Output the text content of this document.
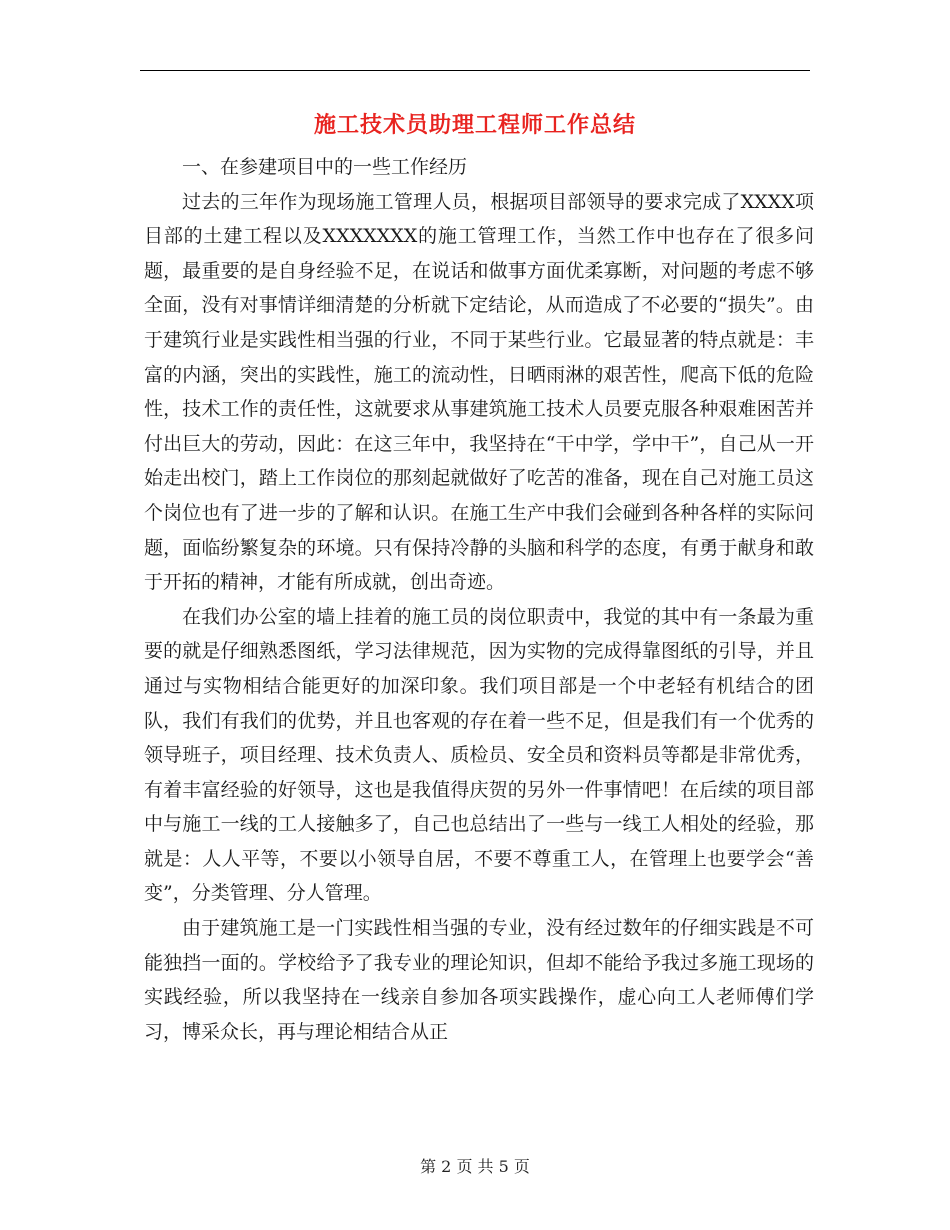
施工技术员助理工程师工作总结
一、在参建项目中的一些工作经历
过去的三年作为现场施工管理人员，根据项目部领导的要求完成了XXXX项目部的土建工程以及XXXXXXX的施工管理工作，当然工作中也存在了很多问题，最重要的是自身经验不足，在说话和做事方面优柔寡断，对问题的考虑不够全面，没有对事情详细清楚的分析就下定结论，从而造成了不必要的“损失”。由于建筑行业是实践性相当强的行业，不同于某些行业。它最显著的特点就是：丰富的内涵，突出的实践性，施工的流动性，日晒雨淋的艰苦性，爬高下低的危险性，技术工作的责任性，这就要求从事建筑施工技术人员要克服各种艰难困苦并付出巨大的劳动，因此：在这三年中，我坚持在“干中学，学中干”，自己从一开始走出校门，踏上工作岗位的那刻起就做好了吃苦的准备，现在自己对施工员这个岗位也有了进一步的了解和认识。在施工生产中我们会碰到各种各样的实际问题，面临纷繁复杂的环境。只有保持冷静的头脑和科学的态度，有勇于献身和敢于开拓的精神，才能有所成就，创出奇迹。
在我们办公室的墙上挂着的施工员的岗位职责中，我觉的其中有一条最为重要的就是仔细熟悉图纸，学习法律规范，因为实物的完成得靠图纸的引导，并且通过与实物相结合能更好的加深印象。我们项目部是一个中老轻有机结合的团队，我们有我们的优势，并且也客观的存在着一些不足，但是我们有一个优秀的领导班子，项目经理、技术负责人、质检员、安全员和资料员等都是非常优秀，有着丰富经验的好领导，这也是我值得庆贺的另外一件事情吧！在后续的项目部中与施工一线的工人接触多了，自己也总结出了一些与一线工人相处的经验，那就是：人人平等，不要以小领导自居，不要不尊重工人，在管理上也要学会“善变”，分类管理、分人管理。
由于建筑施工是一门实践性相当强的专业，没有经过数年的仔细实践是不可能独挡一面的。学校给予了我专业的理论知识，但却不能给予我过多施工现场的实践经验，所以我坚持在一线亲自参加各项实践操作，虚心向工人老师傅们学习，博采众长，再与理论相结合从正
第 2 页 共 5 页
